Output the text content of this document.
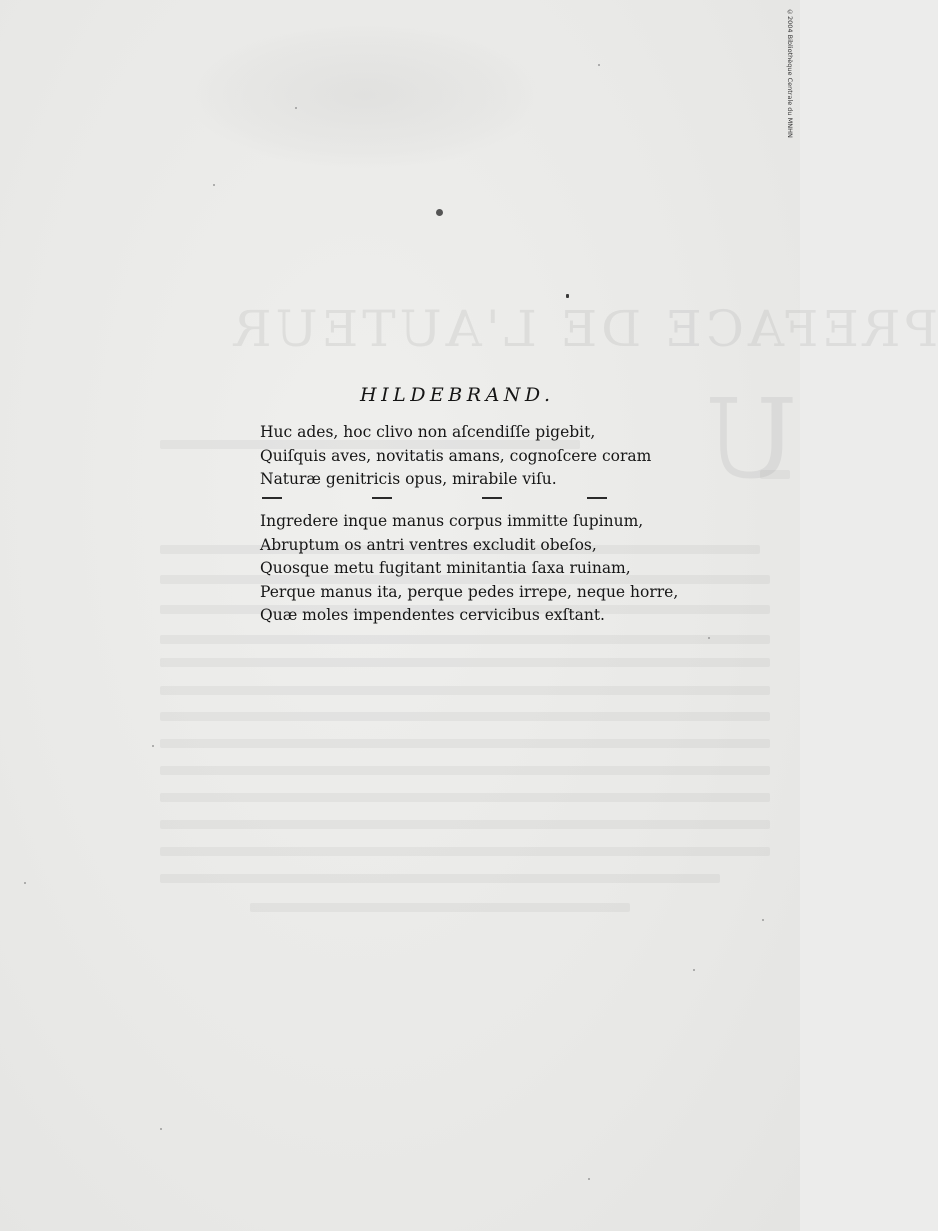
PREFACE DE L'AUTEUR
U
©2004 Bibliothèque Centrale du MNHN
HILDEBRAND.
Huc ades, hoc clivo non aſcendiſſe pigebit,
Quiſquis aves, novitatis amans, cognoſcere coram
Naturæ genitricis opus, mirabile viſu.
Ingredere inque manus corpus immitte ſupinum,
Abruptum os antri ventres excludit obeſos,
Quosque metu fugitant minitantia ſaxa ruinam,
Perque manus ita, perque pedes irrepe, neque horre,
Quæ moles impendentes cervicibus exſtant.
